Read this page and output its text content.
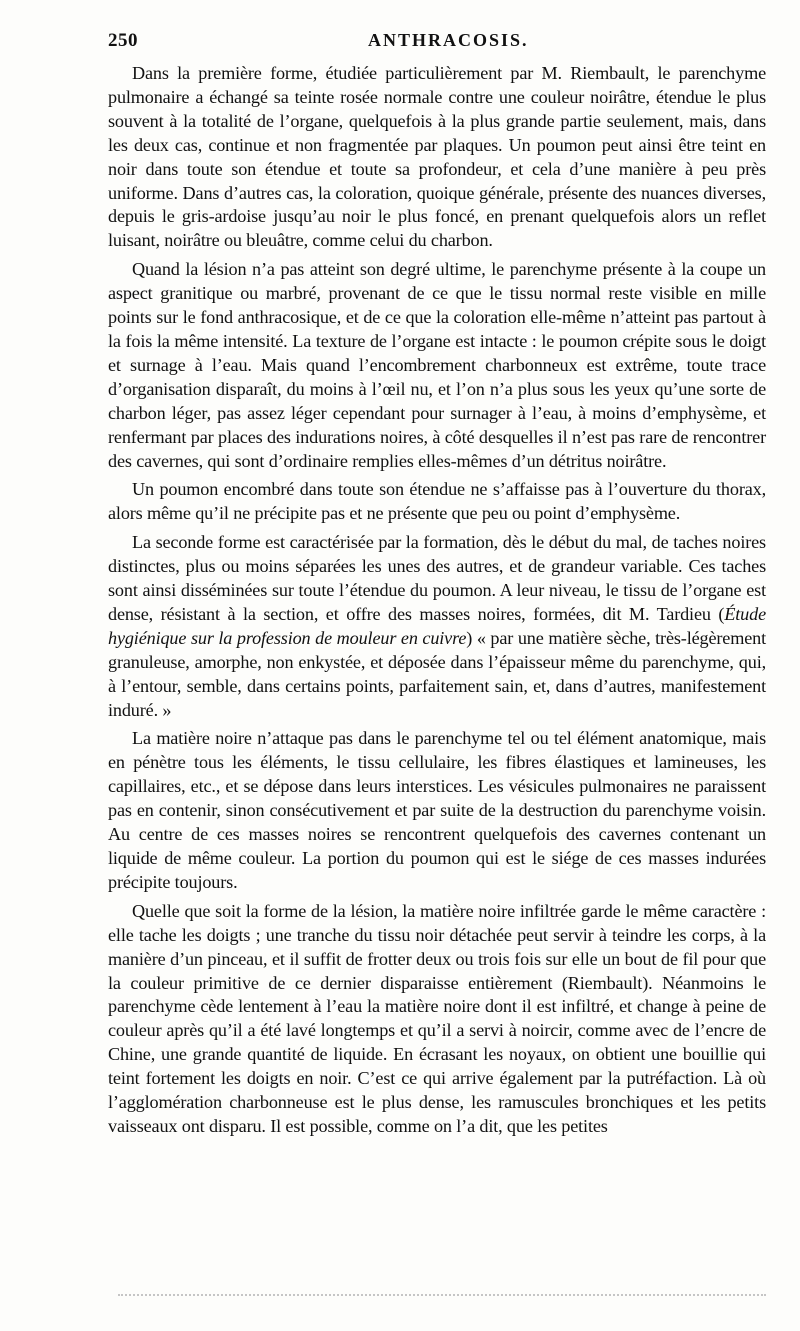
250	ANTHRACOSIS.

Dans la première forme, étudiée particulièrement par M. Riembault, le parenchyme pulmonaire a échangé sa teinte rosée normale contre une couleur noirâtre, étendue le plus souvent à la totalité de l’organe, quelquefois à la plus grande partie seulement, mais, dans les deux cas, continue et non fragmentée par plaques. Un poumon peut ainsi être teint en noir dans toute son étendue et toute sa profondeur, et cela d’une manière à peu près uniforme. Dans d’autres cas, la coloration, quoique générale, présente des nuances diverses, depuis le gris-ardoise jusqu’au noir le plus foncé, en prenant quelquefois alors un reflet luisant, noirâtre ou bleuâtre, comme celui du charbon.

Quand la lésion n’a pas atteint son degré ultime, le parenchyme présente à la coupe un aspect granitique ou marbré, provenant de ce que le tissu normal reste visible en mille points sur le fond anthracosique, et de ce que la coloration elle-même n’atteint pas partout à la fois la même intensité. La texture de l’organe est intacte : le poumon crépite sous le doigt et surnage à l’eau. Mais quand l’encombrement charbonneux est extrême, toute trace d’organisation disparaît, du moins à l’œil nu, et l’on n’a plus sous les yeux qu’une sorte de charbon léger, pas assez léger cependant pour surnager à l’eau, à moins d’emphysème, et renfermant par places des indurations noires, à côté desquelles il n’est pas rare de rencontrer des cavernes, qui sont d’ordinaire remplies elles-mêmes d’un détritus noirâtre.

Un poumon encombré dans toute son étendue ne s’affaisse pas à l’ouverture du thorax, alors même qu’il ne précipite pas et ne présente que peu ou point d’emphysème.

La seconde forme est caractérisée par la formation, dès le début du mal, de taches noires distinctes, plus ou moins séparées les unes des autres, et de grandeur variable. Ces taches sont ainsi disséminées sur toute l’étendue du poumon. A leur niveau, le tissu de l’organe est dense, résistant à la section, et offre des masses noires, formées, dit M. Tardieu (Étude hygiénique sur la profession de mouleur en cuivre) « par une matière sèche, très-légèrement granuleuse, amorphe, non enkystée, et déposée dans l’épaisseur même du parenchyme, qui, à l’entour, semble, dans certains points, parfaitement sain, et, dans d’autres, manifestement induré. »

La matière noire n’attaque pas dans le parenchyme tel ou tel élément anatomique, mais en pénètre tous les éléments, le tissu cellulaire, les fibres élastiques et lamineuses, les capillaires, etc., et se dépose dans leurs interstices. Les vésicules pulmonaires ne paraissent pas en contenir, sinon consécutivement et par suite de la destruction du parenchyme voisin. Au centre de ces masses noires se rencontrent quelquefois des cavernes contenant un liquide de même couleur. La portion du poumon qui est le siége de ces masses indurées précipite toujours.

Quelle que soit la forme de la lésion, la matière noire infiltrée garde le même caractère : elle tache les doigts ; une tranche du tissu noir détachée peut servir à teindre les corps, à la manière d’un pinceau, et il suffit de frotter deux ou trois fois sur elle un bout de fil pour que la couleur primitive de ce dernier disparaisse entièrement (Riembault). Néanmoins le parenchyme cède lentement à l’eau la matière noire dont il est infiltré, et change à peine de couleur après qu’il a été lavé longtemps et qu’il a servi à noircir, comme avec de l’encre de Chine, une grande quantité de liquide. En écrasant les noyaux, on obtient une bouillie qui teint fortement les doigts en noir. C’est ce qui arrive également par la putréfaction. Là où l’agglomération charbonneuse est le plus dense, les ramuscules bronchiques et les petits vaisseaux ont disparu. Il est possible, comme on l’a dit, que les petites
